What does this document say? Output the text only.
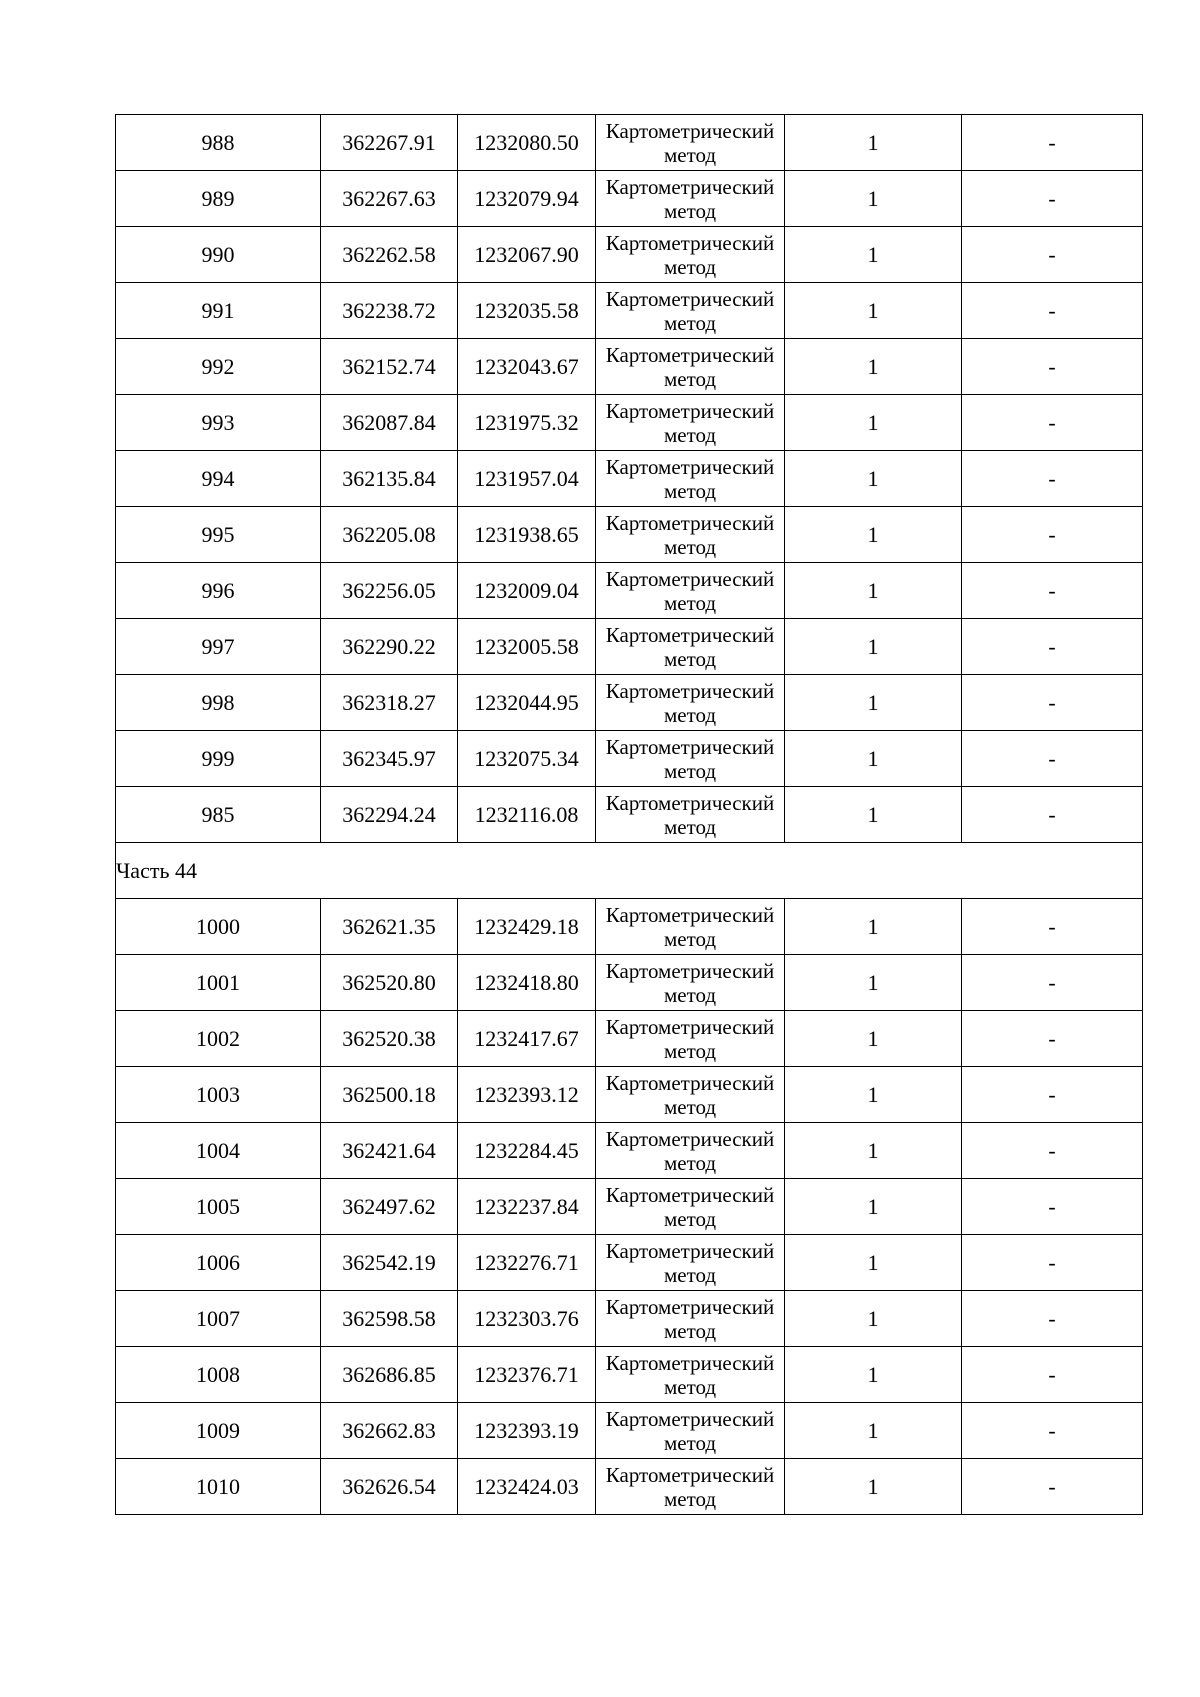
988	362267.91	1232080.50	Картометрический метод	1	-
989	362267.63	1232079.94	Картометрический метод	1	-
990	362262.58	1232067.90	Картометрический метод	1	-
991	362238.72	1232035.58	Картометрический метод	1	-
992	362152.74	1232043.67	Картометрический метод	1	-
993	362087.84	1231975.32	Картометрический метод	1	-
994	362135.84	1231957.04	Картометрический метод	1	-
995	362205.08	1231938.65	Картометрический метод	1	-
996	362256.05	1232009.04	Картометрический метод	1	-
997	362290.22	1232005.58	Картометрический метод	1	-
998	362318.27	1232044.95	Картометрический метод	1	-
999	362345.97	1232075.34	Картометрический метод	1	-
985	362294.24	1232116.08	Картометрический метод	1	-
Часть 44					
1000	362621.35	1232429.18	Картометрический метод	1	-
1001	362520.80	1232418.80	Картометрический метод	1	-
1002	362520.38	1232417.67	Картометрический метод	1	-
1003	362500.18	1232393.12	Картометрический метод	1	-
1004	362421.64	1232284.45	Картометрический метод	1	-
1005	362497.62	1232237.84	Картометрический метод	1	-
1006	362542.19	1232276.71	Картометрический метод	1	-
1007	362598.58	1232303.76	Картометрический метод	1	-
1008	362686.85	1232376.71	Картометрический метод	1	-
1009	362662.83	1232393.19	Картометрический метод	1	-
1010	362626.54	1232424.03	Картометрический метод	1	-
